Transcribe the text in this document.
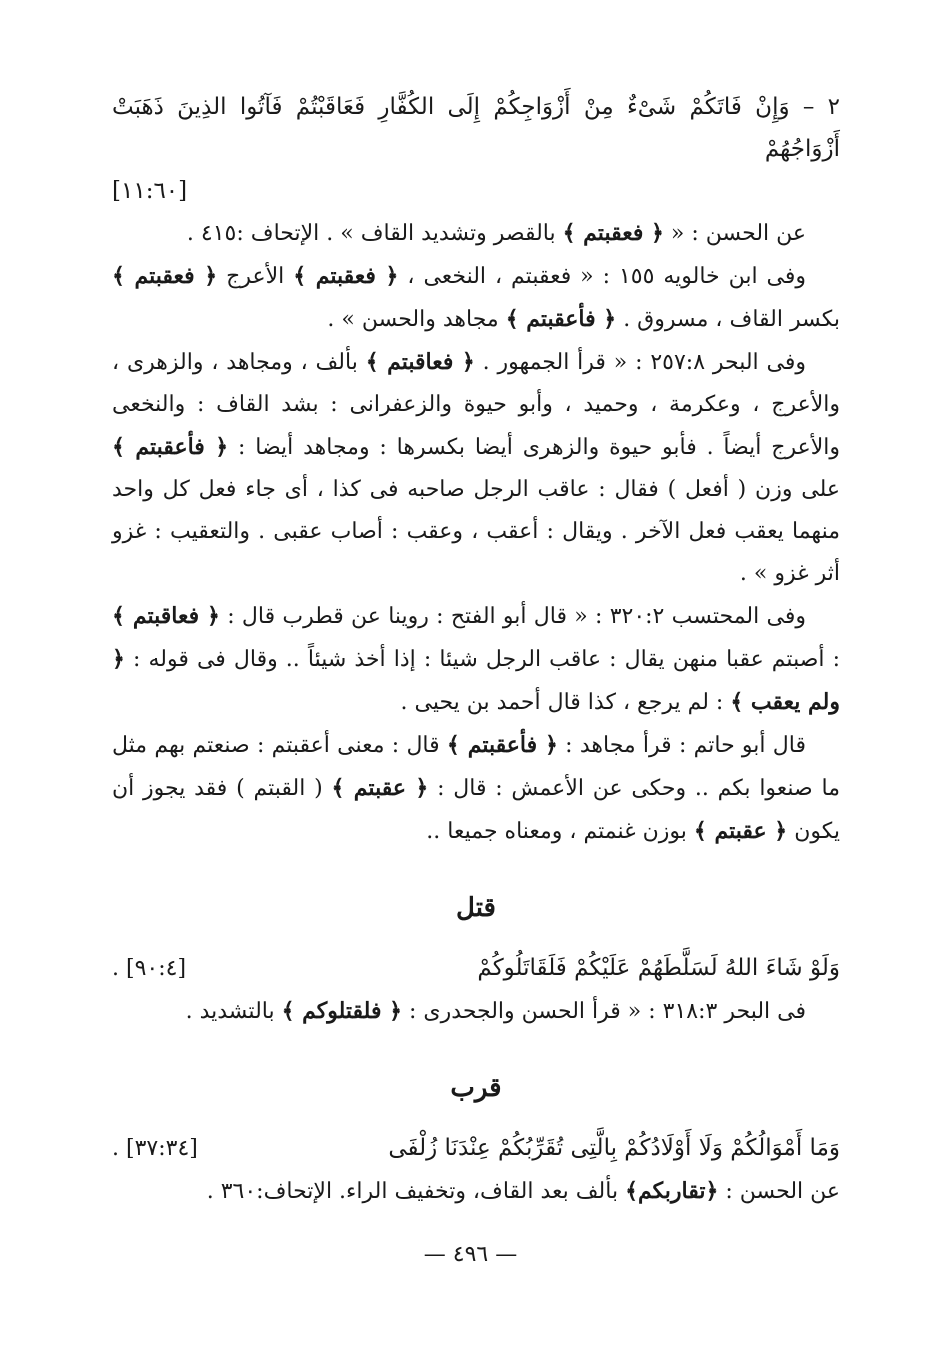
٢ – وَإِنْ فَاتَكُمْ شَىْءٌ مِنْ أَزْوَاجِكُمْ إِلَى الكُفَّارِ فَعَاقَبْتُمْ فَآتُوا الذِينَ ذَهَبَتْ أَزْوَاجُهُمْ
[١١:٦٠]

عن الحسن : « ﴿ فعقبتم ﴾ بالقصر وتشديد القاف » . الإتحاف :٤١٥ .

وفى ابن خالويه ١٥٥ : « فعقبتم ، النخعى ، ﴿ فعقبتم ﴾ الأعرج ﴿ فعقبتم ﴾ بكسر القاف ، مسروق . ﴿ فأعقبتم ﴾ مجاهد والحسن » .

وفى البحر ٢٥٧:٨ : « قرأ الجمهور . ﴿ فعاقبتم ﴾ بألف ، ومجاهد ، والزهرى ، والأعرج ، وعكرمة ، وحميد ، وأبو حيوة والزعفرانى : بشد القاف : والنخعى والأعرج أيضاً . فأبو حيوة والزهرى أيضا بكسرها : ومجاهد أيضا : ﴿ فأعقبتم ﴾ على وزن ( أفعل ) فقال : عاقب الرجل صاحبه فى كذا ، أى جاء فعل كل واحد منهما يعقب فعل الآخر . ويقال : أعقب ، وعقب : أصاب عقبى . والتعقيب : غزو أثر غزو » .

وفى المحتسب ٣٢٠:٢ : « قال أبو الفتح : روينا عن قطرب قال : ﴿ فعاقبتم ﴾ : أصبتم عقبا منهن يقال : عاقب الرجل شيئا : إذا أخذ شيئاً .. وقال فى قوله : ﴿ ولم يعقب ﴾ : لم يرجع ، كذا قال أحمد بن يحيى .

قال أبو حاتم : قرأ مجاهد : ﴿ فأعقبتم ﴾ قال : معنى أعقبتم : صنعتم بهم مثل ما صنعوا بكم .. وحكى عن الأعمش : قال : ﴿ عقبتم ﴾ ( القبتم ) فقد يجوز أن يكون ﴿ عقبتم ﴾ بوزن غنمتم ، ومعناه جميعا ..

قتل
وَلَوْ شَاءَ اللهُ لَسَلَّطَهُمْ عَلَيْكُمْ فَلَقَاتَلُوكُمْ
[٩٠:٤] .

فى البحر ٣١٨:٣ : « قرأ الحسن والجحدرى : ﴿ فلقتلوكم ﴾ بالتشديد .

قرب
وَمَا أَمْوَالُكُمْ وَلَا أَوْلَادُكُمْ بِالَّتِى تُقَرِّبُكُمْ عِنْدَنَا زُلْفَى
[٣٧:٣٤] .

عن الحسن : ﴿تقاربكم﴾ بألف بعد القاف، وتخفيف الراء. الإتحاف:٣٦٠ .

— ٤٩٦ —
